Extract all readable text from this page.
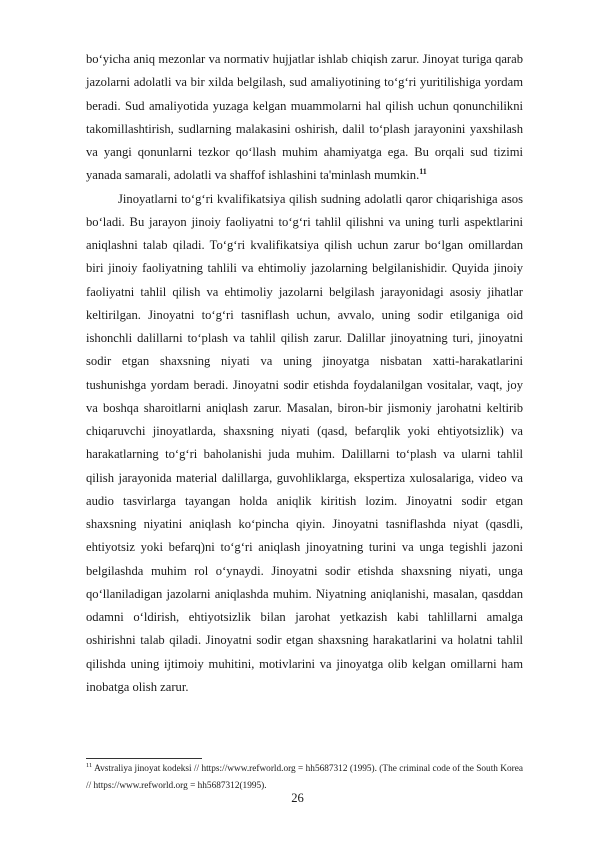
bo‘yicha aniq mezonlar va normativ hujjatlar ishlab chiqish zarur. Jinoyat turiga qarab jazolarni adolatli va bir xilda belgilash, sud amaliyotining to‘g‘ri yuritilishiga yordam beradi. Sud amaliyotida yuzaga kelgan muammolarni hal qilish uchun qonunchilikni takomillashtirish, sudlarning malakasini oshirish, dalil to‘plash jarayonini yaxshilash va yangi qonunlarni tezkor qo‘llash muhim ahamiyatga ega. Bu orqali sud tizimi yanada samarali, adolatli va shaffof ishlashini ta'minlash mumkin.$^{11}$

Jinoyatlarni to‘g‘ri kvalifikatsiya qilish sudning adolatli qaror chiqarishiga asos bo‘ladi. Bu jarayon jinoiy faoliyatni to‘g‘ri tahlil qilishni va uning turli aspektlarini aniqlashni talab qiladi. To‘g‘ri kvalifikatsiya qilish uchun zarur bo‘lgan omillardan biri jinoiy faoliyatning tahlili va ehtimoliy jazolarning belgilanishidir. Quyida jinoiy faoliyatni tahlil qilish va ehtimoliy jazolarni belgilash jarayonidagi asosiy jihatlar keltirilgan. Jinoyatni to‘g‘ri tasniflash uchun, avvalo, uning sodir etilganiga oid ishonchli dalillarni to‘plash va tahlil qilish zarur. Dalillar jinoyatning turi, jinoyatni sodir etgan shaxsning niyati va uning jinoyatga nisbatan xatti-harakatlarini tushunishga yordam beradi. Jinoyatni sodir etishda foydalanilgan vositalar, vaqt, joy va boshqa sharoitlarni aniqlash zarur. Masalan, biron-bir jismoniy jarohatni keltirib chiqaruvchi jinoyatlarda, shaxsning niyati (qasd, befarqlik yoki ehtiyotsizlik) va harakatlarning to‘g‘ri baholanishi juda muhim. Dalillarni to‘plash va ularni tahlil qilish jarayonida material dalillarga, guvohliklarga, ekspertiza xulosalariga, video va audio tasvirlarga tayangan holda aniqlik kiritish lozim. Jinoyatni sodir etgan shaxsning niyatini aniqlash ko‘pincha qiyin. Jinoyatni tasniflashda niyat (qasdli, ehtiyotsiz yoki befarq)ni to‘g‘ri aniqlash jinoyatning turini va unga tegishli jazoni belgilashda muhim rol o‘ynaydi. Jinoyatni sodir etishda shaxsning niyati, unga qo‘llaniladigan jazolarni aniqlashda muhim. Niyatning aniqlanishi, masalan, qasddan odamni o‘ldirish, ehtiyotsizlik bilan jarohat yetkazish kabi tahlillarni amalga oshirishni talab qiladi. Jinoyatni sodir etgan shaxsning harakatlarini va holatni tahlil qilishda uning ijtimoiy muhitini, motivlarini va jinoyatga olib kelgan omillarni ham inobatga olish zarur.

$^{11}$ Avstraliya jinoyat kodeksi // https://www.refworld.org = hh5687312 (1995). (The criminal code of the South Korea // https://www.refworld.org = hh5687312(1995).

26
